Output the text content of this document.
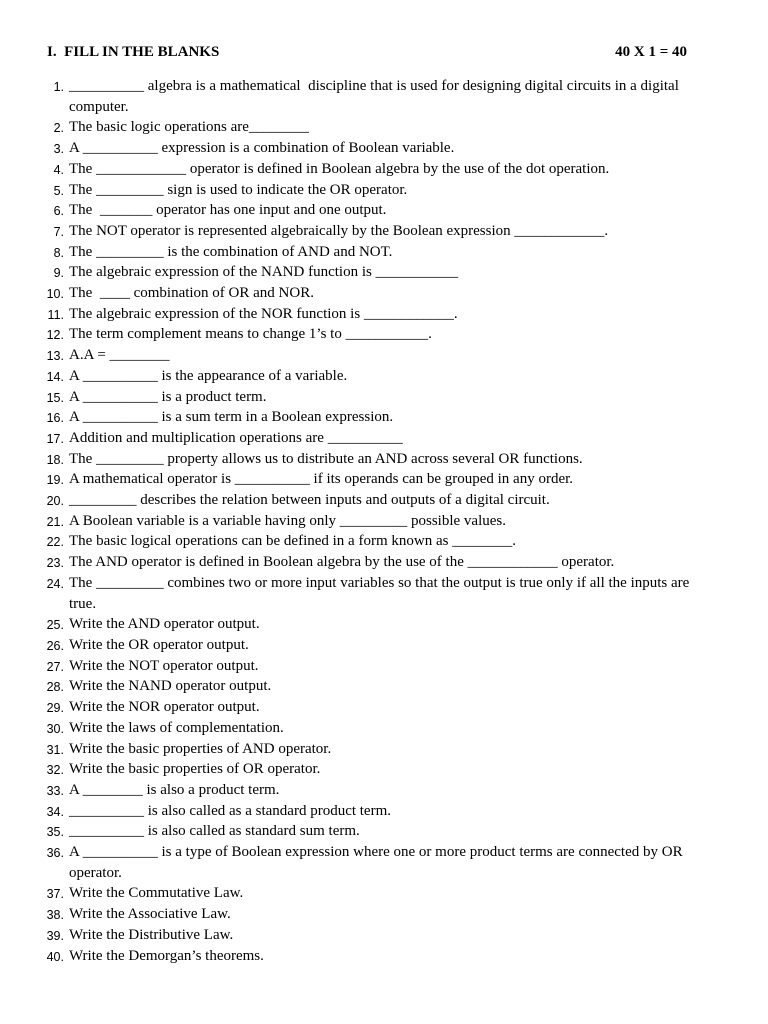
I.  FILL IN THE BLANKS	40 X 1 = 40
1. __________ algebra is a mathematical  discipline that is used for designing digital circuits in a digital computer.
2. The basic logic operations are________
3. A __________ expression is a combination of Boolean variable.
4. The ____________ operator is defined in Boolean algebra by the use of the dot operation.
5. The _________ sign is used to indicate the OR operator.
6. The  _______ operator has one input and one output.
7. The NOT operator is represented algebraically by the Boolean expression ____________.
8. The _________ is the combination of AND and NOT.
9. The algebraic expression of the NAND function is ___________
10. The  ____ combination of OR and NOR.
11. The algebraic expression of the NOR function is ____________.
12. The term complement means to change 1’s to ___________.
13. A.A = ________
14. A __________ is the appearance of a variable.
15. A __________ is a product term.
16. A __________ is a sum term in a Boolean expression.
17. Addition and multiplication operations are __________
18. The _________ property allows us to distribute an AND across several OR functions.
19. A mathematical operator is __________ if its operands can be grouped in any order.
20. _________ describes the relation between inputs and outputs of a digital circuit.
21. A Boolean variable is a variable having only _________ possible values.
22. The basic logical operations can be defined in a form known as ________.
23. The AND operator is defined in Boolean algebra by the use of the ____________ operator.
24. The _________ combines two or more input variables so that the output is true only if all the inputs are true.
25. Write the AND operator output.
26. Write the OR operator output.
27. Write the NOT operator output.
28. Write the NAND operator output.
29. Write the NOR operator output.
30. Write the laws of complementation.
31. Write the basic properties of AND operator.
32. Write the basic properties of OR operator.
33. A ________ is also a product term.
34. __________ is also called as a standard product term.
35. __________ is also called as standard sum term.
36. A __________ is a type of Boolean expression where one or more product terms are connected by OR operator.
37. Write the Commutative Law.
38. Write the Associative Law.
39. Write the Distributive Law.
40. Write the Demorgan’s theorems.
